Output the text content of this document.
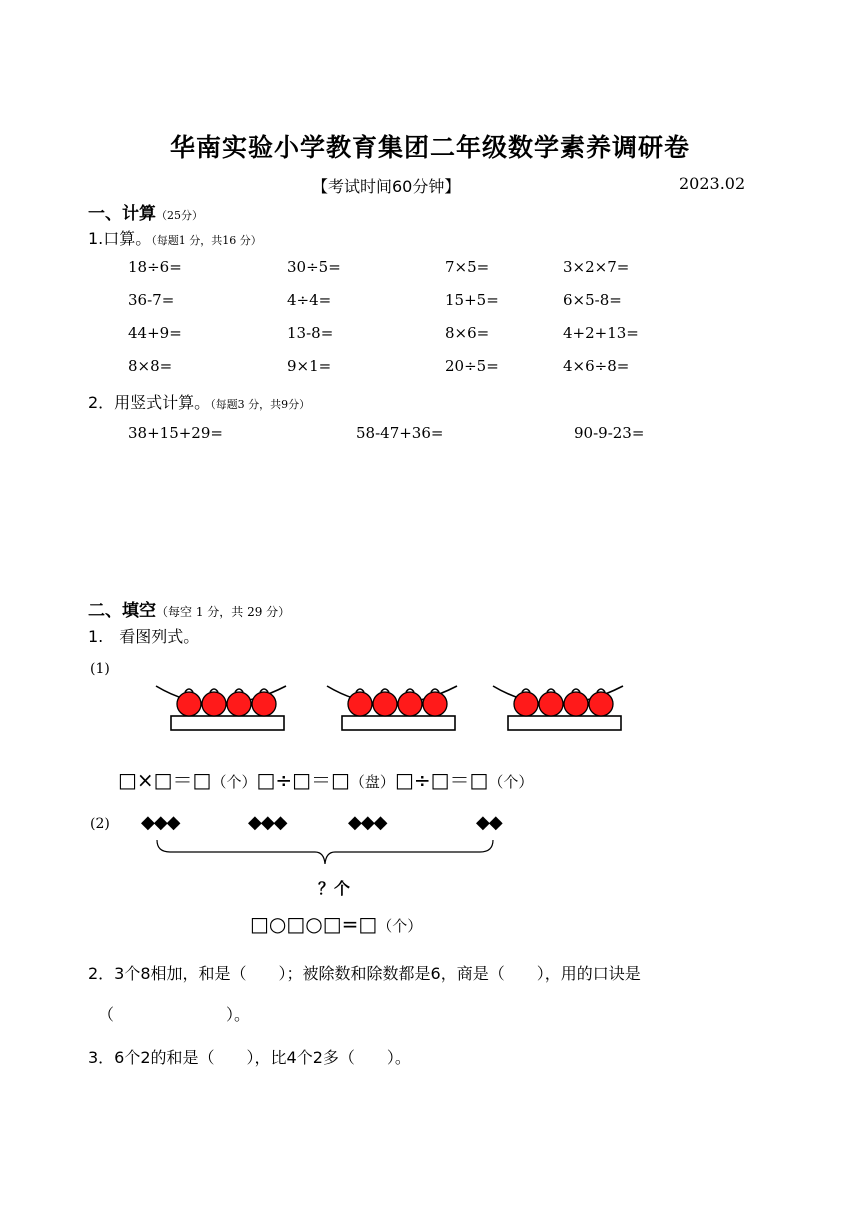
华南实验小学教育集团二年级数学素养调研卷
【考试时间60分钟】	2023.02
一、计算（25分）
1.口算。（每题1 分，共16 分）
18÷6=	30÷5=	7×5=	3×2×7=
36-7=	4÷4=	15+5=	6×5-8=
44+9=	13-8=	8×6=	4+2+13=
8×8=	9×1=	20÷5=	4×6÷8=
2．用竖式计算。（每题3 分，共9分）
38+15+29=	58-47+36=	90-9-23=
二、填空（每空 1 分，共 29 分）
1.　看图列式。
(1)
□×□＝□（个）□÷□＝□（盘）□÷□＝□（个）
(2) ◆◆◆	◆◆◆	◆◆◆	◆◆
？个
□○□○□=□（个）
2．3个8相加，和是（　　）；被除数和除数都是6，商是（　　），用的口诀是
（　　　　　　　）。
3．6个2的和是（　　），比4个2多（　　）。
